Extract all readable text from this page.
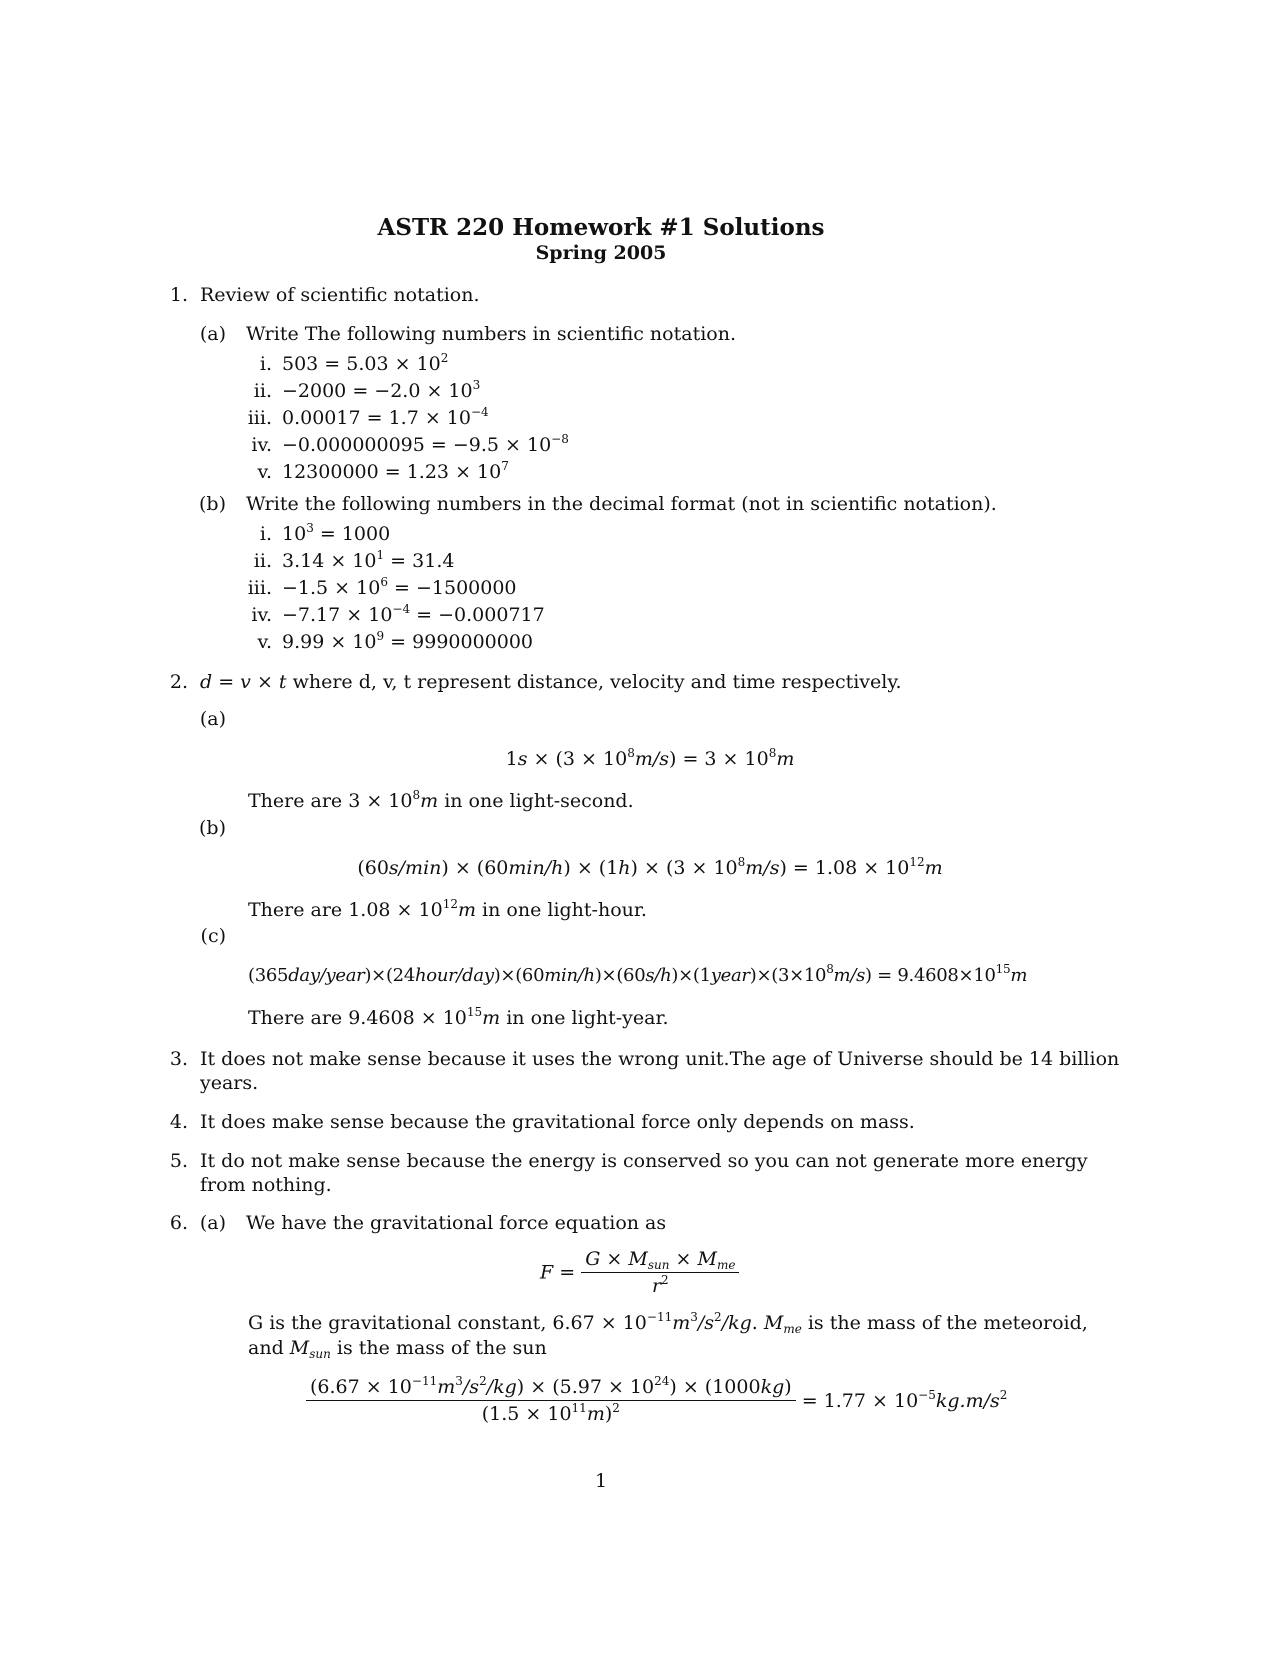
ASTR 220 Homework #1 Solutions
Spring 2005
1. Review of scientific notation.
(a) Write The following numbers in scientific notation.
i. $503 = 5.03 \times 10^2$
ii. $-2000 = -2.0 \times 10^3$
iii. $0.00017 = 1.7 \times 10^{-4}$
iv. $-0.000000095 = -9.5 \times 10^{-8}$
v. $12300000 = 1.23 \times 10^7$
(b) Write the following numbers in the decimal format (not in scientific notation).
i. $10^3 = 1000$
ii. $3.14 \times 10^1 = 31.4$
iii. $-1.5 \times 10^6 = -1500000$
iv. $-7.17 \times 10^{-4} = -0.000717$
v. $9.99 \times 10^9 = 9990000000$
2. d = v × t where d, v, t represent distance, velocity and time respectively.
(a)
$1s \times (3 \times 10^8m/s) = 3 \times 10^8m$
There are $3 \times 10^8m$ in one light-second.
(b)
$(60s/\min) \times (60\min/h) \times (1h) \times (3 \times 10^8m/s) = 1.08 \times 10^{12}m$
There are $1.08 \times 10^{12}m$ in one light-hour.
(c)
$(365day/year)\times(24hour/day)\times(60\min/h)\times(60s/h)\times(1year)\times(3\times 10^8m/s) = 9.4608\times 10^{15}m$
There are $9.4608 \times 10^{15}m$ in one light-year.
3. It does not make sense because it uses the wrong unit.The age of Universe should be 14 billion
years.
4. It does make sense because the gravitational force only depends on mass.
5. It do not make sense because the energy is conserved so you can not generate more energy
from nothing.
6. (a) We have the gravitational force equation as
$F = \frac{G \times M_{sun} \times M_{me}}{r^2}$
G is the gravitational constant, $6.67 \times 10^{-11}m^3/s^2/kg$. $M_{me}$ is the mass of the meteoroid,
and $M_{sun}$ is the mass of the sun
$\frac{(6.67 \times 10^{-11}m^3/s^2/kg) \times (5.97 \times 10^{24}) \times (1000kg)}{(1.5 \times 10^{11}m)^2} = 1.77 \times 10^{-5}kg.m/s^2$
1
